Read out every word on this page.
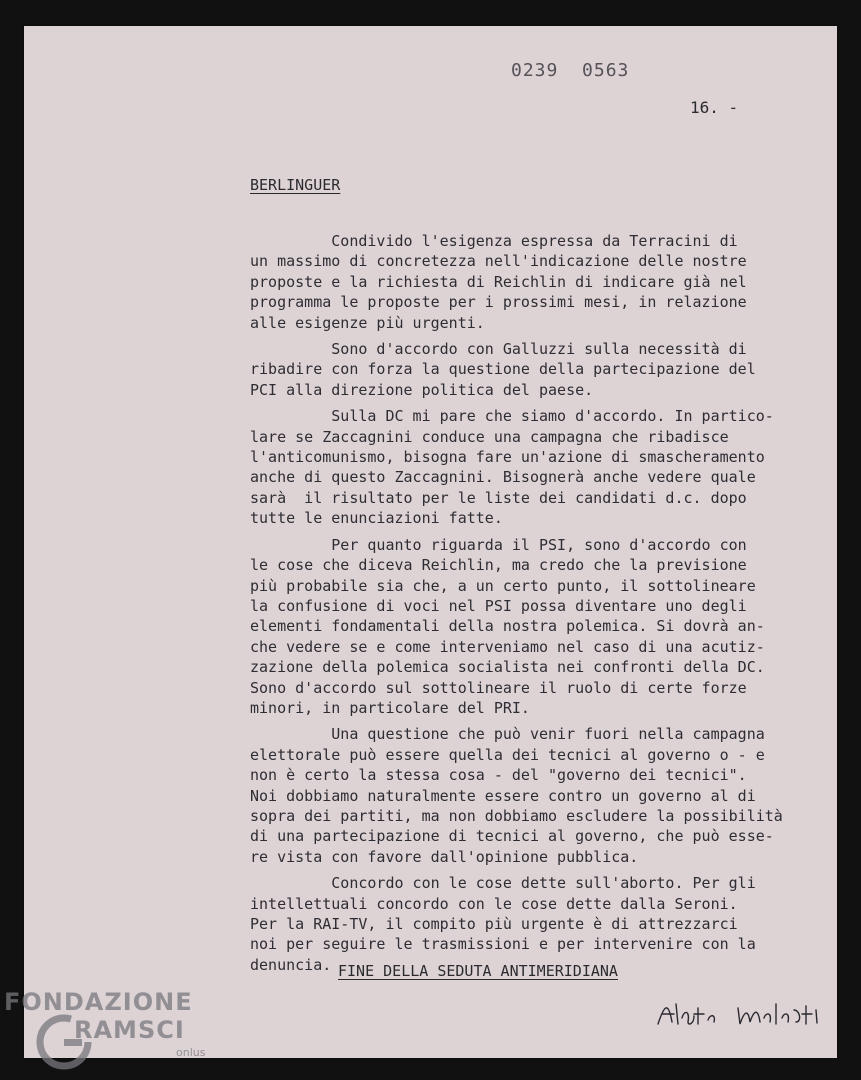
0239  0563
16. -
BERLINGUER
Condivido l'esigenza espressa da Terracini di
un massimo di concretezza nell'indicazione delle nostre
proposte e la richiesta di Reichlin di indicare già nel
programma le proposte per i prossimi mesi, in relazione
alle esigenze più urgenti.
Sono d'accordo con Galluzzi sulla necessità di
ribadire con forza la questione della partecipazione del
PCI alla direzione politica del paese.
Sulla DC mi pare che siamo d'accordo. In partico-
lare se Zaccagnini conduce una campagna che ribadisce
l'anticomunismo, bisogna fare un'azione di smascheramento
anche di questo Zaccagnini. Bisognerà anche vedere quale
sarà  il risultato per le liste dei candidati d.c. dopo
tutte le enunciazioni fatte.
Per quanto riguarda il PSI, sono d'accordo con
le cose che diceva Reichlin, ma credo che la previsione
più probabile sia che, a un certo punto, il sottolineare
la confusione di voci nel PSI possa diventare uno degli
elementi fondamentali della nostra polemica. Si dovrà an-
che vedere se e come interveniamo nel caso di una acutiz-
zazione della polemica socialista nei confronti della DC.
Sono d'accordo sul sottolineare il ruolo di certe forze
minori, in particolare del PRI.
Una questione che può venir fuori nella campagna
elettorale può essere quella dei tecnici al governo o - e
non è certo la stessa cosa - del "governo dei tecnici".
Noi dobbiamo naturalmente essere contro un governo al di
sopra dei partiti, ma non dobbiamo escludere la possibilità
di una partecipazione di tecnici al governo, che può esse-
re vista con favore dall'opinione pubblica.
Concordo con le cose dette sull'aborto. Per gli
intellettuali concordo con le cose dette dalla Seroni.
Per la RAI-TV, il compito più urgente è di attrezzarci
noi per seguire le trasmissioni e per intervenire con la
denuncia. FINE DELLA SEDUTA ANTIMERIDIANA
FONDAZIONE
RAMSCI
onlus
